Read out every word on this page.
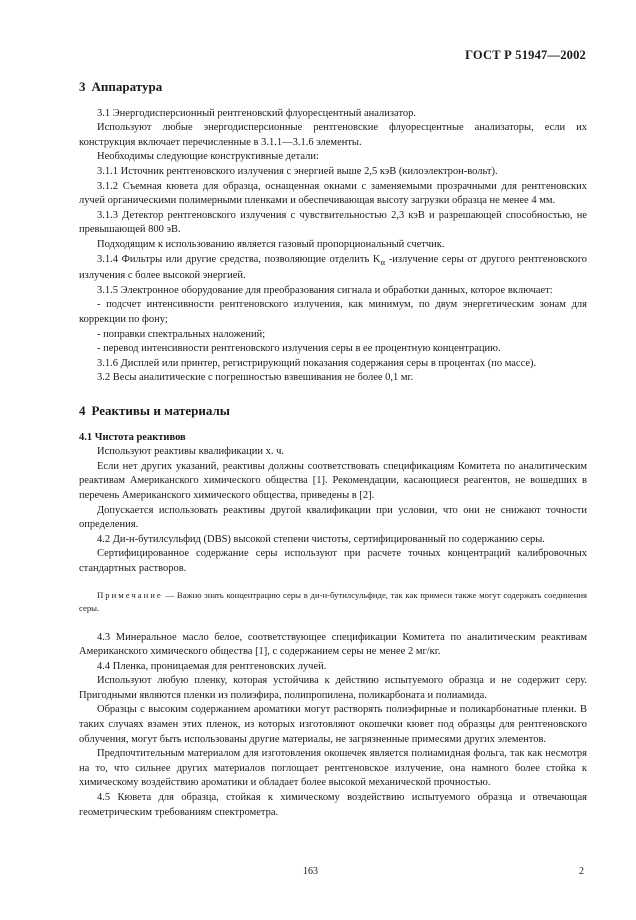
ГОСТ Р 51947—2002

3 Аппаратура

3.1 Энергодисперсионный рентгеновский флуоресцентный анализатор.

Используют любые энергодисперсионные рентгеновские флуоресцентные анализаторы, если их конструкция включает перечисленные в 3.1.1—3.1.6 элементы.

Необходимы следующие конструктивные детали:

3.1.1 Источник рентгеновского излучения с энергией выше 2,5 кэВ (килоэлектрон-вольт).

3.1.2 Съемная кювета для образца, оснащенная окнами с заменяемыми прозрачными для рентгеновских лучей органическими полимерными пленками и обеспечивающая высоту загрузки образца не менее 4 мм.

3.1.3 Детектор рентгеновского излучения с чувствительностью 2,3 кэВ и разрешающей способностью, не превышающей 800 эВ.

Подходящим к использованию является газовый пропорциональный счетчик.

3.1.4 Фильтры или другие средства, позволяющие отделить $K_\alpha$ -излучение серы от другого рентгеновского излучения с более высокой энергией.

3.1.5 Электронное оборудование для преобразования сигнала и обработки данных, которое включает:

- подсчет интенсивности рентгеновского излучения, как минимум, по двум энергетическим зонам для коррекции по фону;

- поправки спектральных наложений;

- перевод интенсивности рентгеновского излучения серы в ее процентную концентрацию.

3.1.6 Дисплей или принтер, регистрирующий показания содержания серы в процентах (по массе).

3.2 Весы аналитические с погрешностью взвешивания не более 0,1 мг.

4 Реактивы и материалы

4.1 Чистота реактивов

Используют реактивы квалификации х. ч.

Если нет других указаний, реактивы должны соответствовать спецификациям Комитета по аналитическим реактивам Американского химического общества [1]. Рекомендации, касающиеся реагентов, не вошедших в перечень Американского химического общества, приведены в [2].

Допускается использовать реактивы другой квалификации при условии, что они не снижают точности определения.

4.2 Ди-н-бутилсульфид (DBS) высокой степени чистоты, сертифицированный по содержанию серы.

Сертифицированное содержание серы используют при расчете точных концентраций калибровочных стандартных растворов.

Примечание — Важно знать концентрацию серы в ди-н-бутилсульфиде, так как примеси также могут содержать соединения серы.

4.3 Минеральное масло белое, соответствующее спецификации Комитета по аналитическим реактивам Американского химического общества [1], с содержанием серы не менее 2 мг/кг.

4.4 Пленка, проницаемая для рентгеновских лучей.

Используют любую пленку, которая устойчива к действию испытуемого образца и не содержит серу. Пригодными являются пленки из полиэфира, полипропилена, поликарбоната и полиамида.

Образцы с высоким содержанием ароматики могут растворять полиэфирные и поликарбонатные пленки. В таких случаях взамен этих пленок, из которых изготовляют окошечки кювет под образцы для рентгеновского облучения, могут быть использованы другие материалы, не загрязненные примесями других элементов.

Предпочтительным материалом для изготовления окошечек является полиамидная фольга, так как несмотря на то, что сильнее других материалов поглощает рентгеновское излучение, она намного более стойка к химическому воздействию ароматики и обладает более высокой механической прочностью.

4.5 Кювета для образца, стойкая к химическому воздействию испытуемого образца и отвечающая геометрическим требованиям спектрометра.

163	2
